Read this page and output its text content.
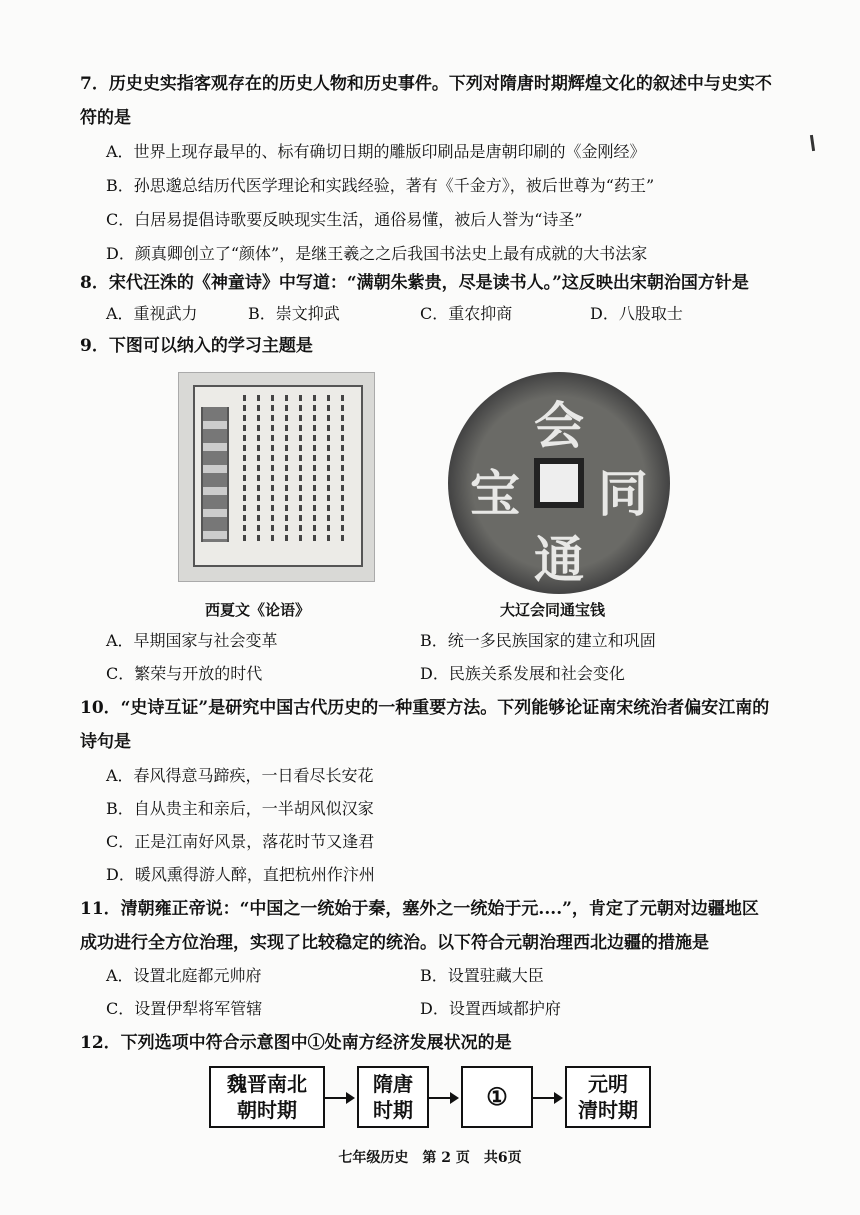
7．历史史实指客观存在的历史人物和历史事件。下列对隋唐时期辉煌文化的叙述中与史实不
符的是
A．世界上现存最早的、标有确切日期的雕版印刷品是唐朝印刷的《金刚经》
B．孙思邈总结历代医学理论和实践经验，著有《千金方》，被后世尊为“药王”
C．白居易提倡诗歌要反映现实生活，通俗易懂，被后人誉为“诗圣”
D．颜真卿创立了“颜体”，是继王羲之之后我国书法史上最有成就的大书法家
8．宋代汪洙的《神童诗》中写道：“满朝朱紫贵，尽是读书人。”这反映出宋朝治国方针是
A．重视武力	B．崇文抑武	C．重农抑商	D．八股取士
9．下图可以纳入的学习主题是
会
同
通
宝
西夏文《论语》	大辽会同通宝钱
A．早期国家与社会变革	B．统一多民族国家的建立和巩固
C．繁荣与开放的时代	D．民族关系发展和社会变化
10．“史诗互证”是研究中国古代历史的一种重要方法。下列能够论证南宋统治者偏安江南的
诗句是
A．春风得意马蹄疾，一日看尽长安花
B．自从贵主和亲后，一半胡风似汉家
C．正是江南好风景，落花时节又逢君
D．暖风熏得游人醉，直把杭州作汴州
11．清朝雍正帝说：“中国之一统始于秦，塞外之一统始于元....”，肯定了元朝对边疆地区
成功进行全方位治理，实现了比较稳定的统治。以下符合元朝治理西北边疆的措施是
A．设置北庭都元帅府	B．设置驻藏大臣
C．设置伊犁将军管辖	D．设置西域都护府
12．下列选项中符合示意图中①处南方经济发展状况的是
魏晋南北
朝时期
隋唐
时期	①	元明
清时期
七年级历史　第 2 页　共6页
